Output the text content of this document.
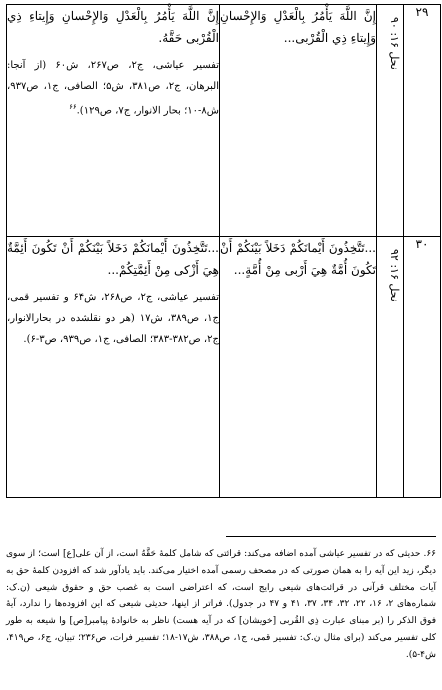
۲۹	نحل ۱۶: ۹۰	إِنَّ اللَّهَ یَأْمُرُ بِالْعَدْلِ وَالإِحْسانِ وَإِیتاءِ ذِي الْقُرْبی...	إِنَّ اللَّهَ یَأْمُرُ بِالْعَدْلِ وَالإِحْسانِ وَإِیتاءِ ذِي الْقُرْبی حَقَّهُ.
تفسیر عیاشی، ج۲، ص۲۶۷، ش۶۰ (از آنجا: البرهان، ج۲، ص۳۸۱، ش۵؛ الصافی، ج۱، ص۹۳۷، ش۸-۱۰؛ بحار الانوار، ج۷، ص۱۲۹).$^{۶۶}$

۳۰	نحل ۱۶: ۹۲	...تَتَّخِذُونَ أَیْمانَکُمْ دَخَلاً بَیْنَکُمْ أَنْ تَکُونَ أُمَّةٌ هِيَ أَرْبی مِنْ أُمَّةٍ...	...تَتَّخِذُونَ أَیْمانَکُمْ دَخَلاً بَیْنَکُمْ أَنْ تَکُونَ أَئِمَّةٌ هِيَ أَزْکی مِنْ أَئِمَّتِکُمْ...
تفسیر عیاشی، ج۲، ص۲۶۸، ش۶۴ و تفسیر قمی، ج۱، ص۳۸۹، ش۱۷ (هر دو نقلشده در بحارالانوار، ج۲، ص۳۸۲-۳۸۳؛ الصافی، ج۱، ص۹۳۹، ص۳-۶).
۶۶. حدیثی که در تفسیر عیاشی آمده اضافه می‌کند: قرائتی که شامل کلمهٔ حَقَّهُ است، از آن علی[ع] است؛ از سوی دیگر، زید این آیه را به همان صورتی که در مصحف رسمی آمده اختیار می‌کند. باید یادآور شد که افزودن کلمهٔ حق به آیات مختلف قرآنی در قرائت‌های شیعی رایج است، که اعتراضی است به غصب حق و حقوق شیعی (ن.ک: شماره‌های ۲، ۱۶، ۲۲، ۳۲، ۳۴، ۳۷، ۴۱ و ۴۷ در جدول). فراتر از اینها، حدیثی شیعی که این افزوده‌ها را ندارد، آیهٔ فوق الذکر را (بر مبنای عبارت ذِي القُربی [خویشان] که در آیه هست) ناظر به خانوادهٔ پیامبر[ص] وا شیعه به طور کلی تفسیر می‌کند (برای مثال ن.ک: تفسیر قمی، ج۱، ص۳۸۸، ش۱۷-۱۸؛ تفسیر فرات، ص۲۳۶؛ تبیان، ج۶، ص۴۱۹، ش۴-۵).
